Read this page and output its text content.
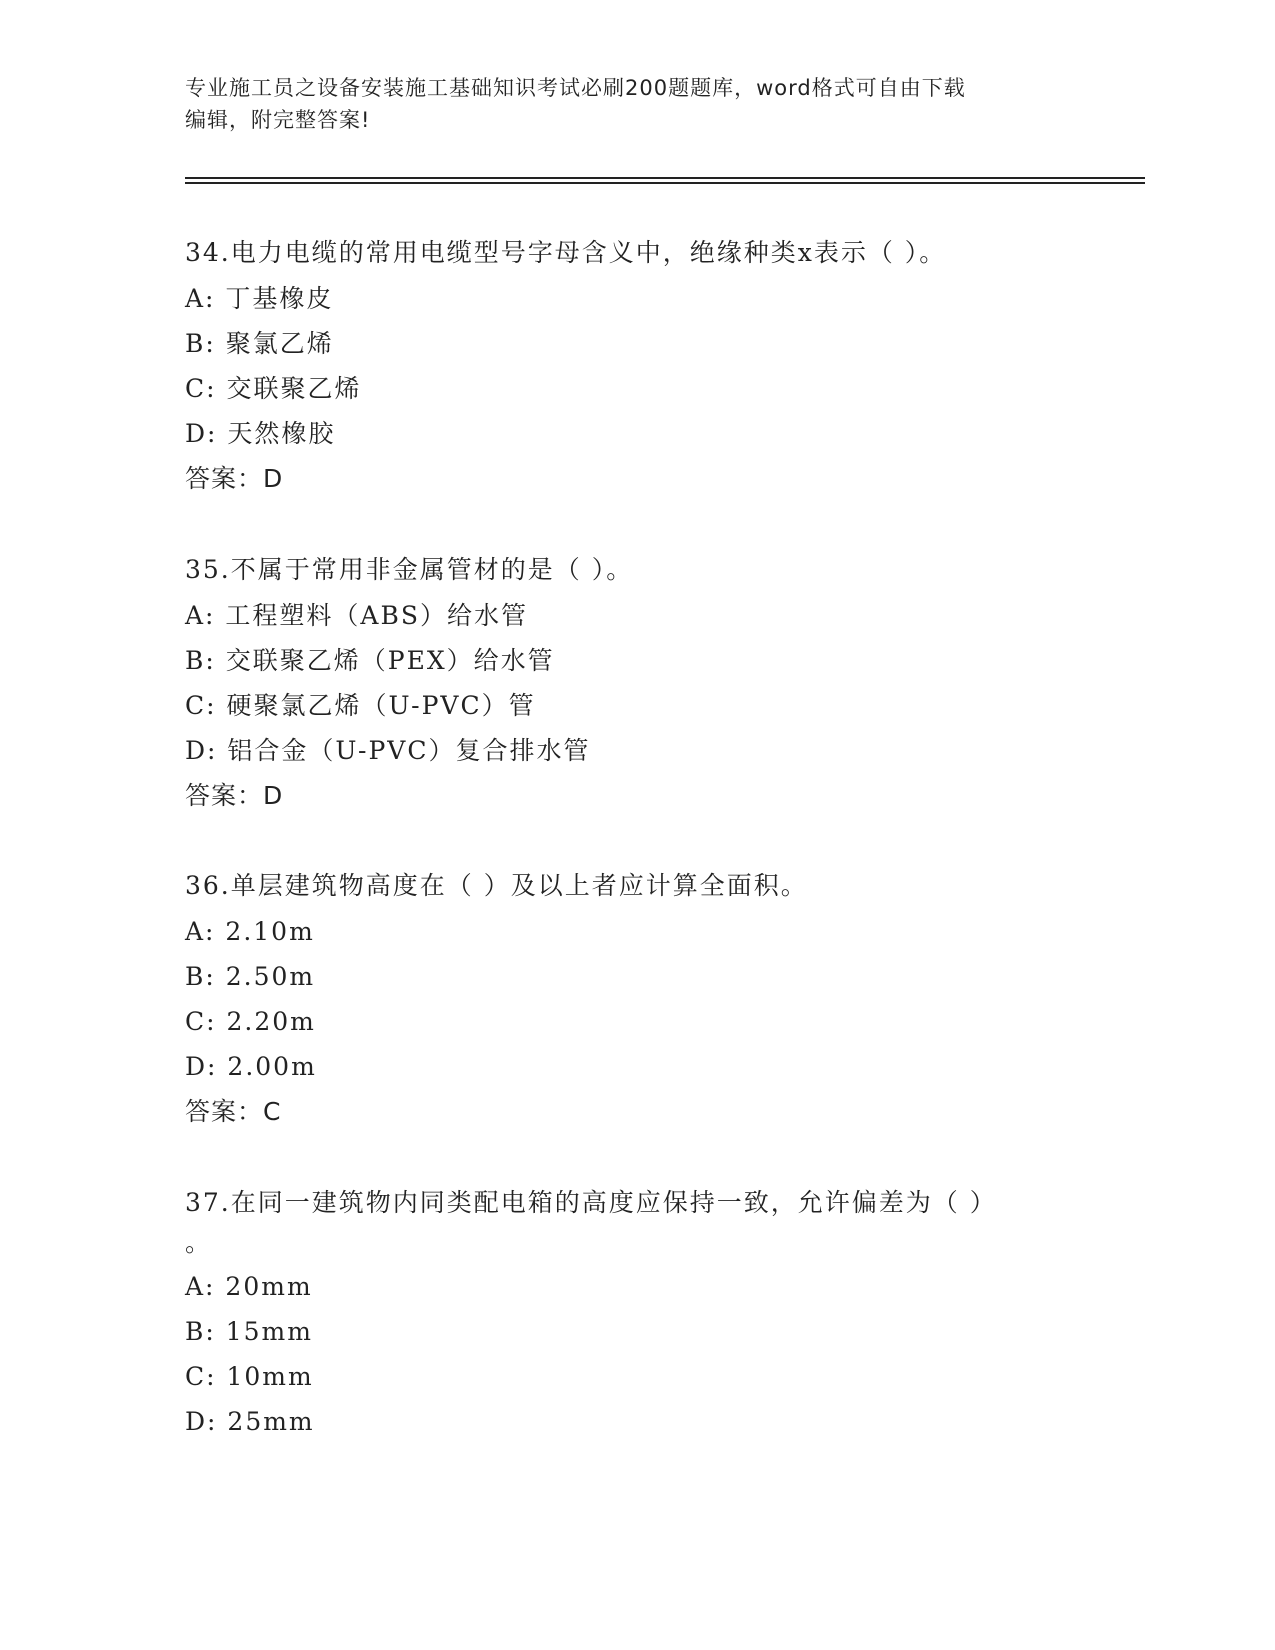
专业施工员之设备安装施工基础知识考试必刷200题题库，word格式可自由下载
编辑，附完整答案!

34.电力电缆的常用电缆型号字母含义中，绝缘种类x表示（ ）。

A: 丁基橡皮

B: 聚氯乙烯

C: 交联聚乙烯

D: 天然橡胶

答案：D

35.不属于常用非金属管材的是（ ）。

A: 工程塑料（ABS）给水管

B: 交联聚乙烯（PEX）给水管

C: 硬聚氯乙烯（U-PVC）管

D: 铝合金（U-PVC）复合排水管

答案：D

36.单层建筑物高度在（ ）及以上者应计算全面积。

A: 2.10m

B: 2.50m

C: 2.20m

D: 2.00m

答案：C

37.在同一建筑物内同类配电箱的高度应保持一致，允许偏差为（ ）

。

A: 20mm

B: 15mm

C: 10mm

D: 25mm
